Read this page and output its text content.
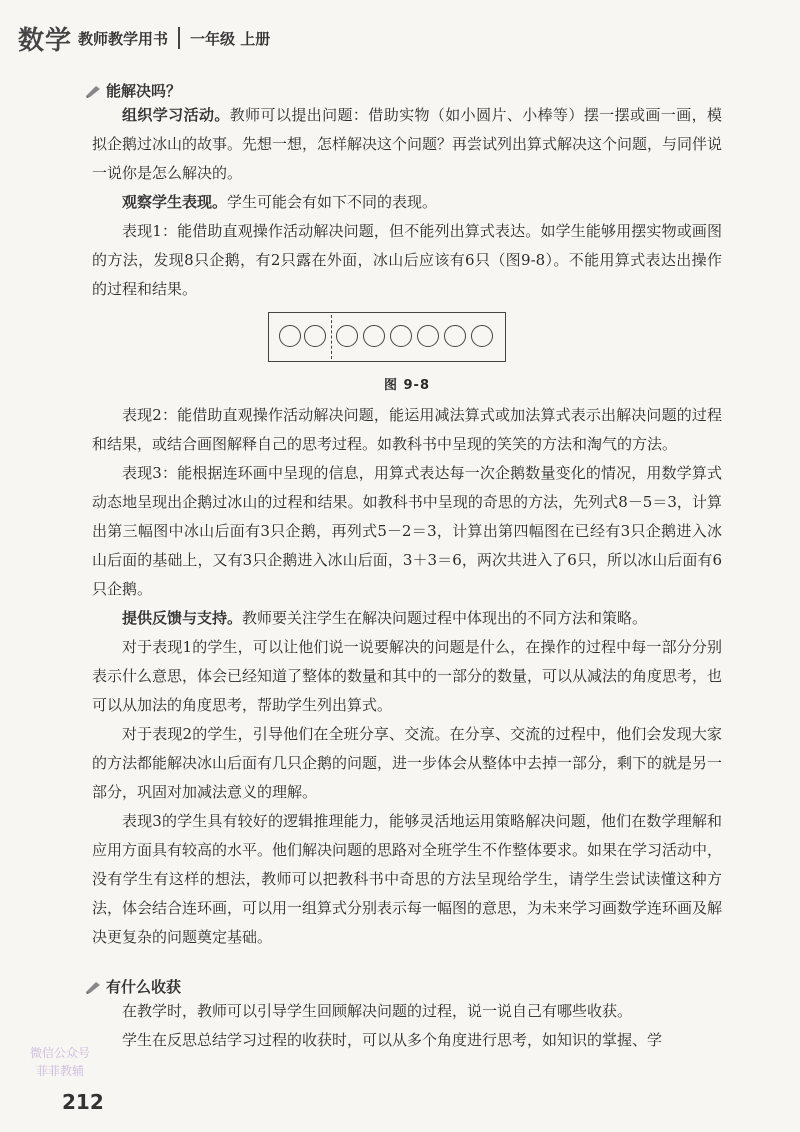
数学 教师教学用书 一年级 上册
能解决吗？

组织学习活动。教师可以提出问题：借助实物（如小圆片、小棒等）摆一摆或画一画，模拟企鹅过冰山的故事。先想一想，怎样解决这个问题？再尝试列出算式解决这个问题，与同伴说一说你是怎么解决的。

观察学生表现。学生可能会有如下不同的表现。

表现1：能借助直观操作活动解决问题，但不能列出算式表达。如学生能够用摆实物或画图的方法，发现8只企鹅，有2只露在外面，冰山后应该有6只（图9-8）。不能用算式表达出操作的过程和结果。

图 9-8

表现2：能借助直观操作活动解决问题，能运用减法算式或加法算式表示出解决问题的过程和结果，或结合画图解释自己的思考过程。如教科书中呈现的笑笑的方法和淘气的方法。

表现3：能根据连环画中呈现的信息，用算式表达每一次企鹅数量变化的情况，用数学算式动态地呈现出企鹅过冰山的过程和结果。如教科书中呈现的奇思的方法，先列式8－5＝3，计算出第三幅图中冰山后面有3只企鹅，再列式5－2＝3，计算出第四幅图在已经有3只企鹅进入冰山后面的基础上，又有3只企鹅进入冰山后面，3＋3＝6，两次共进入了6只，所以冰山后面有6只企鹅。

提供反馈与支持。教师要关注学生在解决问题过程中体现出的不同方法和策略。

对于表现1的学生，可以让他们说一说要解决的问题是什么，在操作的过程中每一部分分别表示什么意思，体会已经知道了整体的数量和其中的一部分的数量，可以从减法的角度思考，也可以从加法的角度思考，帮助学生列出算式。

对于表现2的学生，引导他们在全班分享、交流。在分享、交流的过程中，他们会发现大家的方法都能解决冰山后面有几只企鹅的问题，进一步体会从整体中去掉一部分，剩下的就是另一部分，巩固对加减法意义的理解。

表现3的学生具有较好的逻辑推理能力，能够灵活地运用策略解决问题，他们在数学理解和应用方面具有较高的水平。他们解决问题的思路对全班学生不作整体要求。如果在学习活动中，没有学生有这样的想法，教师可以把教科书中奇思的方法呈现给学生，请学生尝试读懂这种方法，体会结合连环画，可以用一组算式分别表示每一幅图的意思，为未来学习画数学连环画及解决更复杂的问题奠定基础。

有什么收获

在教学时，教师可以引导学生回顾解决问题的过程，说一说自己有哪些收获。

学生在反思总结学习过程的收获时，可以从多个角度进行思考，如知识的掌握、学

微信公众号
菲菲教辅
212
